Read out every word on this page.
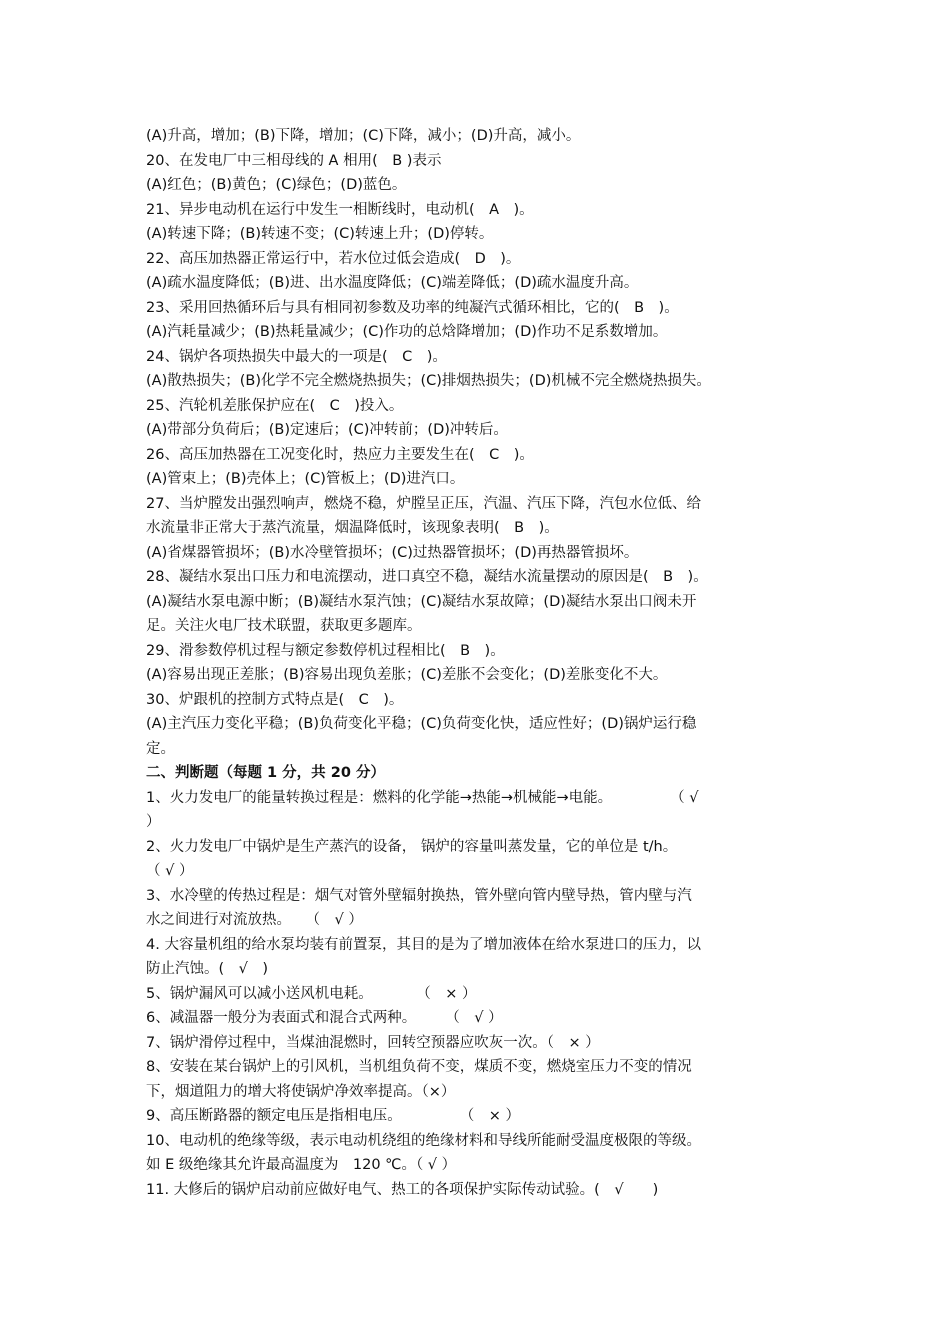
(A)升高，增加；(B)下降，增加；(C)下降，减小；(D)升高，减小。
20、在发电厂中三相母线的 A 相用(　B )表示
(A)红色；(B)黄色；(C)绿色；(D)蓝色。
21、异步电动机在运行中发生一相断线时，电动机(　A　)。
(A)转速下降；(B)转速不变；(C)转速上升；(D)停转。
22、高压加热器正常运行中，若水位过低会造成(　D　)。
(A)疏水温度降低；(B)进、出水温度降低；(C)端差降低；(D)疏水温度升高。
23、采用回热循环后与具有相同初参数及功率的纯凝汽式循环相比，它的(　B　)。
(A)汽耗量减少；(B)热耗量减少；(C)作功的总焓降增加；(D)作功不足系数增加。
24、锅炉各项热损失中最大的一项是(　C　)。
(A)散热损失；(B)化学不完全燃烧热损失；(C)排烟热损失；(D)机械不完全燃烧热损失。
25、汽轮机差胀保护应在(　C　)投入。
(A)带部分负荷后；(B)定速后；(C)冲转前；(D)冲转后。
26、高压加热器在工况变化时，热应力主要发生在(　C　)。
(A)管束上；(B)壳体上；(C)管板上；(D)进汽口。
27、当炉膛发出强烈响声，燃烧不稳，炉膛呈正压，汽温、汽压下降，汽包水位低、给
水流量非正常大于蒸汽流量，烟温降低时，该现象表明(　B　)。
(A)省煤器管损坏；(B)水冷壁管损坏；(C)过热器管损坏；(D)再热器管损坏。
28、凝结水泵出口压力和电流摆动，进口真空不稳，凝结水流量摆动的原因是(　B　)。
(A)凝结水泵电源中断；(B)凝结水泵汽蚀；(C)凝结水泵故障；(D)凝结水泵出口阀未开
足。关注火电厂技术联盟，获取更多题库。
29、滑参数停机过程与额定参数停机过程相比(　B　)。
(A)容易出现正差胀；(B)容易出现负差胀；(C)差胀不会变化；(D)差胀变化不大。
30、炉跟机的控制方式特点是(　C　)。
(A)主汽压力变化平稳；(B)负荷变化平稳；(C)负荷变化快，适应性好；(D)锅炉运行稳
定。
二、判断题（每题 1 分，共 20 分）
1、火力发电厂的能量转换过程是：燃料的化学能→热能→机械能→电能。　　　　　（ √
）
2、火力发电厂中锅炉是生产蒸汽的设备， 锅炉的容量叫蒸发量，它的单位是 t/h。
（ √ ）
3、水冷壁的传热过程是：烟气对管外壁辐射换热，管外壁向管内壁导热，管内壁与汽
水之间进行对流放热。　　（　√ ）
4. 大容量机组的给水泵均装有前置泵，其目的是为了增加液体在给水泵进口的压力，以
防止汽蚀。(　√　)
5、锅炉漏风可以减小送风机电耗。　　　　（　× ）
6、减温器一般分为表面式和混合式两种。　　　（　√ ）
7、锅炉滑停过程中，当煤油混燃时，回转空预器应吹灰一次。（　× ）
8、安装在某台锅炉上的引风机，当机组负荷不变，煤质不变，燃烧室压力不变的情况
下，烟道阻力的增大将使锅炉净效率提高。（×）
9、高压断路器的额定电压是指相电压。　　　　　（　× ）
10、电动机的绝缘等级，表示电动机绕组的绝缘材料和导线所能耐受温度极限的等级。
如 E 级绝缘其允许最高温度为　120 ℃。（ √ ）
11. 大修后的锅炉启动前应做好电气、热工的各项保护实际传动试验。(　√　　)
